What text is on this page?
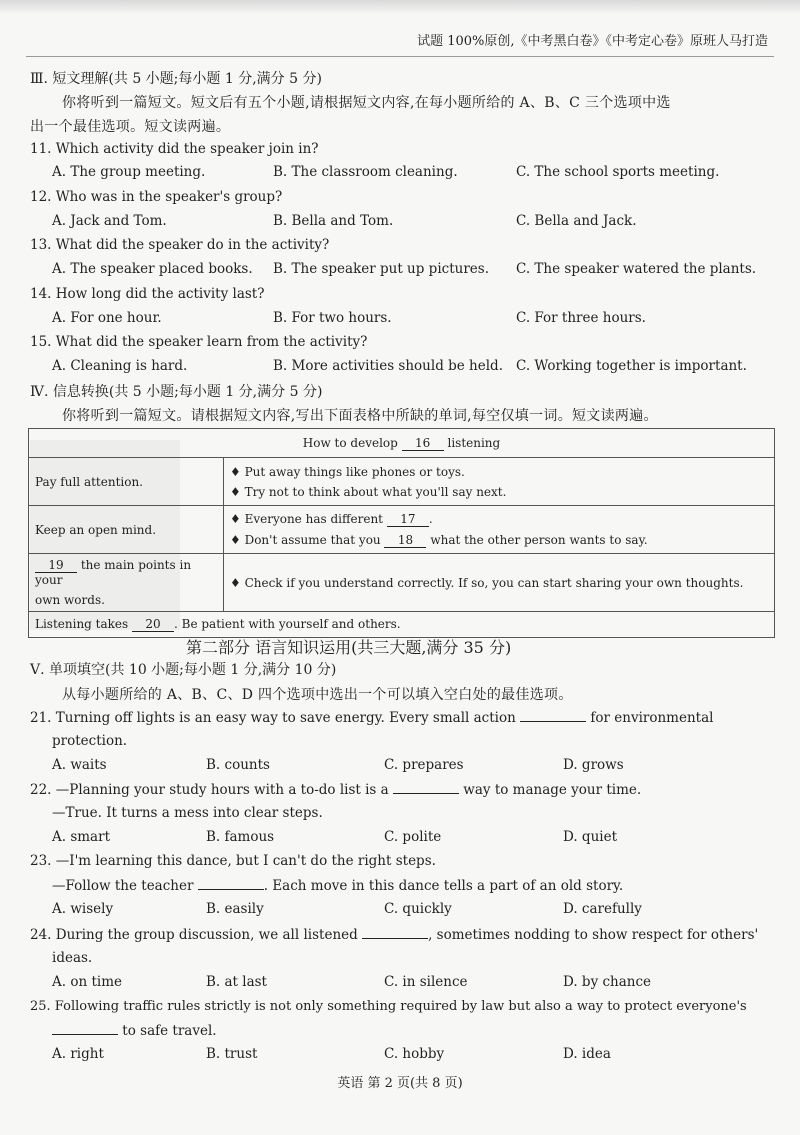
试题 100%原创,《中考黑白卷》《中考定心卷》原班人马打造
Ⅲ. 短文理解(共 5 小题;每小题 1 分,满分 5 分)
你将听到一篇短文。短文后有五个小题,请根据短文内容,在每小题所给的 A、B、C 三个选项中选
出一个最佳选项。短文读两遍。
11. Which activity did the speaker join in?
A. The group meeting.	B. The classroom cleaning.	C. The school sports meeting.
12. Who was in the speaker's group?
A. Jack and Tom.	B. Bella and Tom.	C. Bella and Jack.
13. What did the speaker do in the activity?
A. The speaker placed books. B. The speaker put up pictures. C. The speaker watered the plants.
14. How long did the activity last?
A. For one hour.	B. For two hours.	C. For three hours.
15. What did the speaker learn from the activity?
A. Cleaning is hard.	B. More activities should be held. C. Working together is important.
Ⅳ. 信息转换(共 5 小题;每小题 1 分,满分 5 分)
你将听到一篇短文。请根据短文内容,写出下面表格中所缺的单词,每空仅填一词。短文读两遍。
How to develop 16 listening	
Pay full attention.	♦ Put away things like phones or toys.
♦ Try not to think about what you'll say next.

Keep an open mind.	♦ Everyone has different 17 .
♦ Don't assume that you 18 what the other person wants to say.

19 the main points in your
own words.	♦ Check if you understand correctly. If so, you can start sharing your own thoughts.
Listening takes 20 . Be patient with yourself and others.	
第二部分 语言知识运用(共三大题,满分 35 分)
Ⅴ. 单项填空(共 10 小题;每小题 1 分,满分 10 分)
从每小题所给的 A、B、C、D 四个选项中选出一个可以填入空白处的最佳选项。
21. Turning off lights is an easy way to save energy. Every small action	for environmental
protection.
A. waits	B. counts	C. prepares	D. grows
22. —Planning your study hours with a to-do list is a	way to manage your time.
—True. It turns a mess into clear steps.
A. smart	B. famous	C. polite	D. quiet
23. —I'm learning this dance, but I can't do the right steps.
—Follow the teacher	. Each move in this dance tells a part of an old story.
A. wisely	B. easily	C. quickly	D. carefully
24. During the group discussion, we all listened	, sometimes nodding to show respect for others'
ideas.
A. on time	B. at last	C. in silence	D. by chance
25. Following traffic rules strictly is not only something required by law but also a way to protect everyone's
to safe travel.
A. right	B. trust	C. hobby	D. idea
英语 第 2 页(共 8 页)
